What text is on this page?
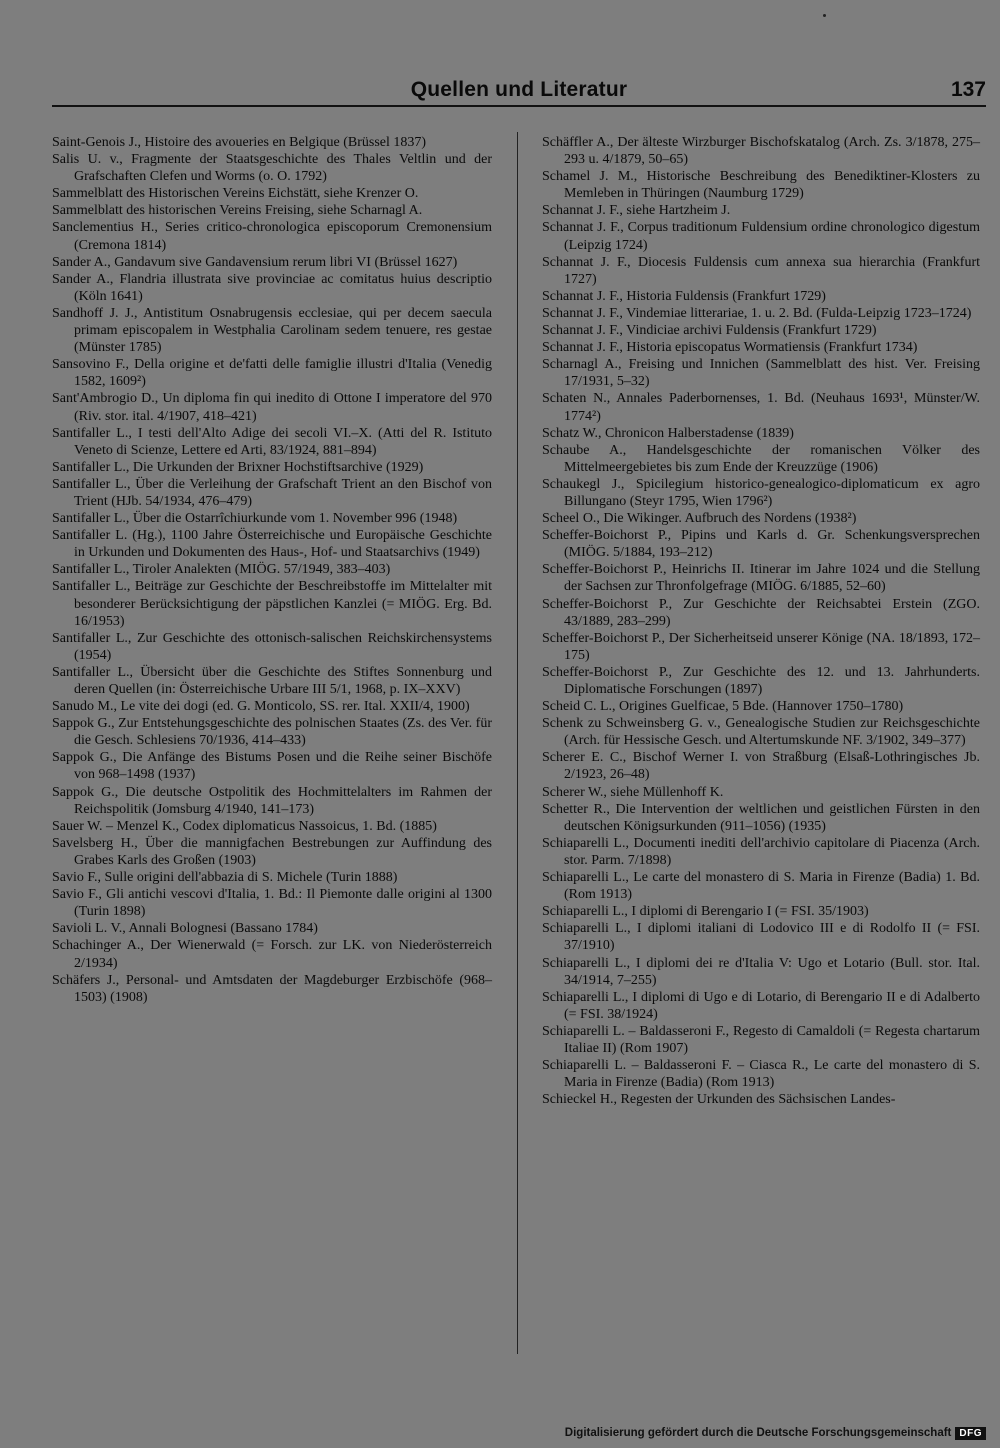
Quellen und Literatur	137

Saint-Genois J., Histoire des avoueries en Belgique (Brüssel 1837)

Salis U. v., Fragmente der Staatsgeschichte des Thales Veltlin und der Grafschaften Clefen und Worms (o. O. 1792)

Sammelblatt des Historischen Vereins Eichstätt, siehe Krenzer O.

Sammelblatt des historischen Vereins Freising, siehe Scharnagl A.

Sanclementius H., Series critico-chronologica episcoporum Cremonensium (Cremona 1814)

Sander A., Gandavum sive Gandavensium rerum libri VI (Brüssel 1627)

Sander A., Flandria illustrata sive provinciae ac comitatus huius descriptio (Köln 1641)

Sandhoff J. J., Antistitum Osnabrugensis ecclesiae, qui per decem saecula primam episcopalem in Westphalia Carolinam sedem tenuere, res gestae (Münster 1785)

Sansovino F., Della origine et de'fatti delle famiglie illustri d'Italia (Venedig 1582, 1609²)

Sant'Ambrogio D., Un diploma fin qui inedito di Ottone I imperatore del 970 (Riv. stor. ital. 4/1907, 418–421)

Santifaller L., I testi dell'Alto Adige dei secoli VI.–X. (Atti del R. Istituto Veneto di Scienze, Lettere ed Arti, 83/1924, 881–894)

Santifaller L., Die Urkunden der Brixner Hochstiftsarchive (1929)

Santifaller L., Über die Verleihung der Grafschaft Trient an den Bischof von Trient (HJb. 54/1934, 476–479)

Santifaller L., Über die Ostarrîchiurkunde vom 1. November 996 (1948)

Santifaller L. (Hg.), 1100 Jahre Österreichische und Europäische Geschichte in Urkunden und Dokumenten des Haus-, Hof- und Staatsarchivs (1949)

Santifaller L., Tiroler Analekten (MIÖG. 57/1949, 383–403)

Santifaller L., Beiträge zur Geschichte der Beschreibstoffe im Mittelalter mit besonderer Berücksichtigung der päpstlichen Kanzlei (= MIÖG. Erg. Bd. 16/1953)

Santifaller L., Zur Geschichte des ottonisch-salischen Reichskirchensystems (1954)

Santifaller L., Übersicht über die Geschichte des Stiftes Sonnenburg und deren Quellen (in: Österreichische Urbare III 5/1, 1968, p. IX–XXV)

Sanudo M., Le vite dei dogi (ed. G. Monticolo, SS. rer. Ital. XXII/4, 1900)

Sappok G., Zur Entstehungsgeschichte des polnischen Staates (Zs. des Ver. für die Gesch. Schlesiens 70/1936, 414–433)

Sappok G., Die Anfänge des Bistums Posen und die Reihe seiner Bischöfe von 968–1498 (1937)

Sappok G., Die deutsche Ostpolitik des Hochmittelalters im Rahmen der Reichspolitik (Jomsburg 4/1940, 141–173)

Sauer W. – Menzel K., Codex diplomaticus Nassoicus, 1. Bd. (1885)

Savelsberg H., Über die mannigfachen Bestrebungen zur Auffindung des Grabes Karls des Großen (1903)

Savio F., Sulle origini dell'abbazia di S. Michele (Turin 1888)

Savio F., Gli antichi vescovi d'Italia, 1. Bd.: Il Piemonte dalle origini al 1300 (Turin 1898)

Savioli L. V., Annali Bolognesi (Bassano 1784)

Schachinger A., Der Wienerwald (= Forsch. zur LK. von Niederösterreich 2/1934)

Schäfers J., Personal- und Amtsdaten der Magdeburger Erzbischöfe (968–1503) (1908)

Schäffler A., Der älteste Wirzburger Bischofskatalog (Arch. Zs. 3/1878, 275–293 u. 4/1879, 50–65)

Schamel J. M., Historische Beschreibung des Benediktiner-Klosters zu Memleben in Thüringen (Naumburg 1729)

Schannat J. F., siehe Hartzheim J.

Schannat J. F., Corpus traditionum Fuldensium ordine chronologico digestum (Leipzig 1724)

Schannat J. F., Diocesis Fuldensis cum annexa sua hierarchia (Frankfurt 1727)

Schannat J. F., Historia Fuldensis (Frankfurt 1729)

Schannat J. F., Vindemiae litterariae, 1. u. 2. Bd. (Fulda-Leipzig 1723–1724)

Schannat J. F., Vindiciae archivi Fuldensis (Frankfurt 1729)

Schannat J. F., Historia episcopatus Wormatiensis (Frankfurt 1734)

Scharnagl A., Freising und Innichen (Sammelblatt des hist. Ver. Freising 17/1931, 5–32)

Schaten N., Annales Paderbornenses, 1. Bd. (Neuhaus 1693¹, Münster/W. 1774²)

Schatz W., Chronicon Halberstadense (1839)

Schaube A., Handelsgeschichte der romanischen Völker des Mittelmeergebietes bis zum Ende der Kreuzzüge (1906)

Schaukegl J., Spicilegium historico-genealogico-diplomaticum ex agro Billungano (Steyr 1795, Wien 1796²)

Scheel O., Die Wikinger. Aufbruch des Nordens (1938²)

Scheffer-Boichorst P., Pipins und Karls d. Gr. Schenkungsversprechen (MIÖG. 5/1884, 193–212)

Scheffer-Boichorst P., Heinrichs II. Itinerar im Jahre 1024 und die Stellung der Sachsen zur Thronfolgefrage (MIÖG. 6/1885, 52–60)

Scheffer-Boichorst P., Zur Geschichte der Reichsabtei Erstein (ZGO. 43/1889, 283–299)

Scheffer-Boichorst P., Der Sicherheitseid unserer Könige (NA. 18/1893, 172–175)

Scheffer-Boichorst P., Zur Geschichte des 12. und 13. Jahrhunderts. Diplomatische Forschungen (1897)

Scheid C. L., Origines Guelficae, 5 Bde. (Hannover 1750–1780)

Schenk zu Schweinsberg G. v., Genealogische Studien zur Reichsgeschichte (Arch. für Hessische Gesch. und Altertumskunde NF. 3/1902, 349–377)

Scherer E. C., Bischof Werner I. von Straßburg (Elsaß-Lothringisches Jb. 2/1923, 26–48)

Scherer W., siehe Müllenhoff K.

Schetter R., Die Intervention der weltlichen und geistlichen Fürsten in den deutschen Königsurkunden (911–1056) (1935)

Schiaparelli L., Documenti inediti dell'archivio capitolare di Piacenza (Arch. stor. Parm. 7/1898)

Schiaparelli L., Le carte del monastero di S. Maria in Firenze (Badia) 1. Bd. (Rom 1913)

Schiaparelli L., I diplomi di Berengario I (= FSI. 35/1903)

Schiaparelli L., I diplomi italiani di Lodovico III e di Rodolfo II (= FSI. 37/1910)

Schiaparelli L., I diplomi dei re d'Italia V: Ugo et Lotario (Bull. stor. Ital. 34/1914, 7–255)

Schiaparelli L., I diplomi di Ugo e di Lotario, di Berengario II e di Adalberto (= FSI. 38/1924)

Schiaparelli L. – Baldasseroni F., Regesto di Camaldoli (= Regesta chartarum Italiae II) (Rom 1907)

Schiaparelli L. – Baldasseroni F. – Ciasca R., Le carte del monastero di S. Maria in Firenze (Badia) (Rom 1913)

Schieckel H., Regesten der Urkunden des Sächsischen Landes-

Digitalisierung gefördert durch die Deutsche Forschungsgemeinschaft DFG
